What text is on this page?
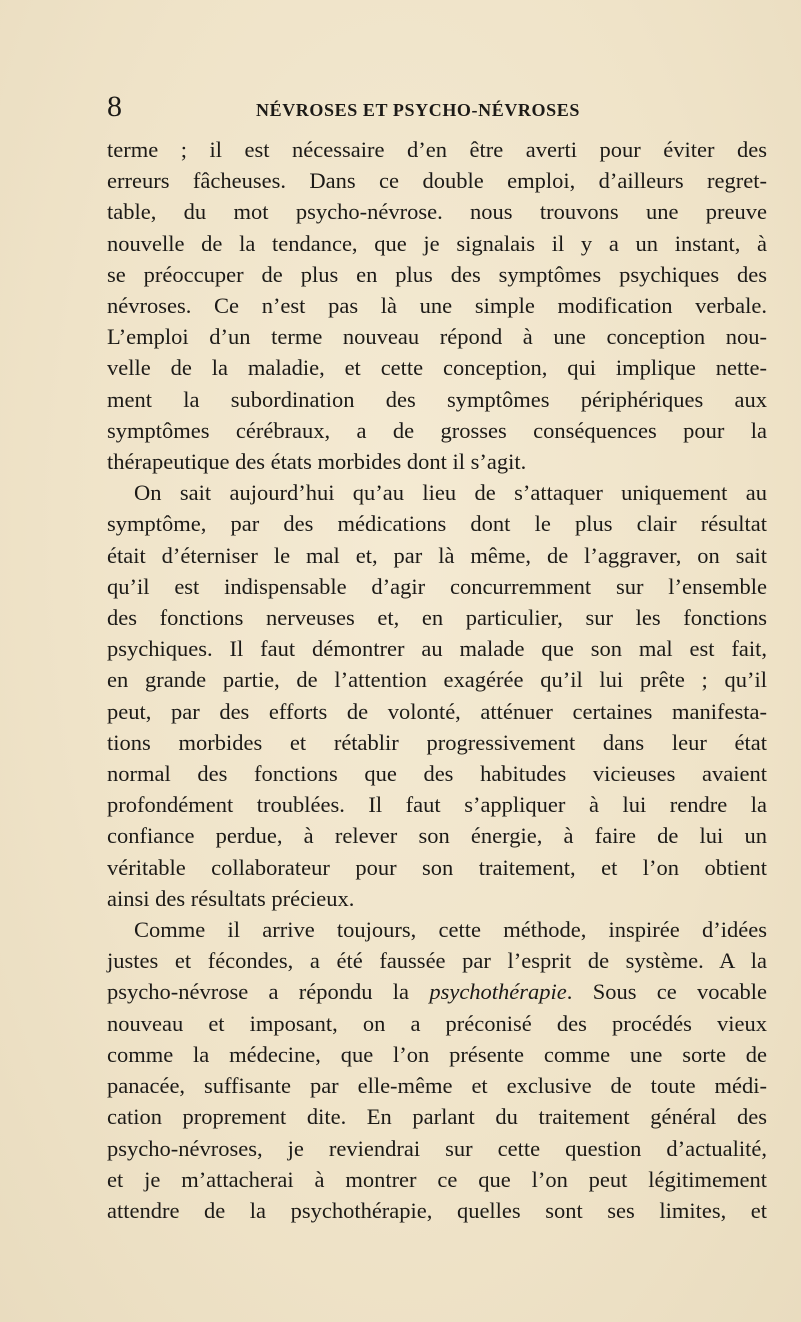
8	NÉVROSES ET PSYCHO-NÉVROSES
terme ; il est nécessaire d’en être averti pour éviter des
erreurs fâcheuses. Dans ce double emploi, d’ailleurs regret-
table, du mot psycho-névrose. nous trouvons une preuve
nouvelle de la tendance, que je signalais il y a un instant, à
se préoccuper de plus en plus des symptômes psychiques des
névroses. Ce n’est pas là une simple modification verbale.
L’emploi d’un terme nouveau répond à une conception nou-
velle de la maladie, et cette conception, qui implique nette-
ment la subordination des symptômes périphériques aux
symptômes cérébraux, a de grosses conséquences pour la
thérapeutique des états morbides dont il s’agit.
On sait aujourd’hui qu’au lieu de s’attaquer uniquement au
symptôme, par des médications dont le plus clair résultat
était d’éterniser le mal et, par là même, de l’aggraver, on sait
qu’il est indispensable d’agir concurremment sur l’ensemble
des fonctions nerveuses et, en particulier, sur les fonctions
psychiques. Il faut démontrer au malade que son mal est fait,
en grande partie, de l’attention exagérée qu’il lui prête ; qu’il
peut, par des efforts de volonté, atténuer certaines manifesta-
tions morbides et rétablir progressivement dans leur état
normal des fonctions que des habitudes vicieuses avaient
profondément troublées. Il faut s’appliquer à lui rendre la
confiance perdue, à relever son énergie, à faire de lui un
véritable collaborateur pour son traitement, et l’on obtient
ainsi des résultats précieux.
Comme il arrive toujours, cette méthode, inspirée d’idées
justes et fécondes, a été faussée par l’esprit de système. A la
psycho-névrose a répondu la psychothérapie. Sous ce vocable
nouveau et imposant, on a préconisé des procédés vieux
comme la médecine, que l’on présente comme une sorte de
panacée, suffisante par elle-même et exclusive de toute médi-
cation proprement dite. En parlant du traitement général des
psycho-névroses, je reviendrai sur cette question d’actualité,
et je m’attacherai à montrer ce que l’on peut légitimement
attendre de la psychothérapie, quelles sont ses limites, et
